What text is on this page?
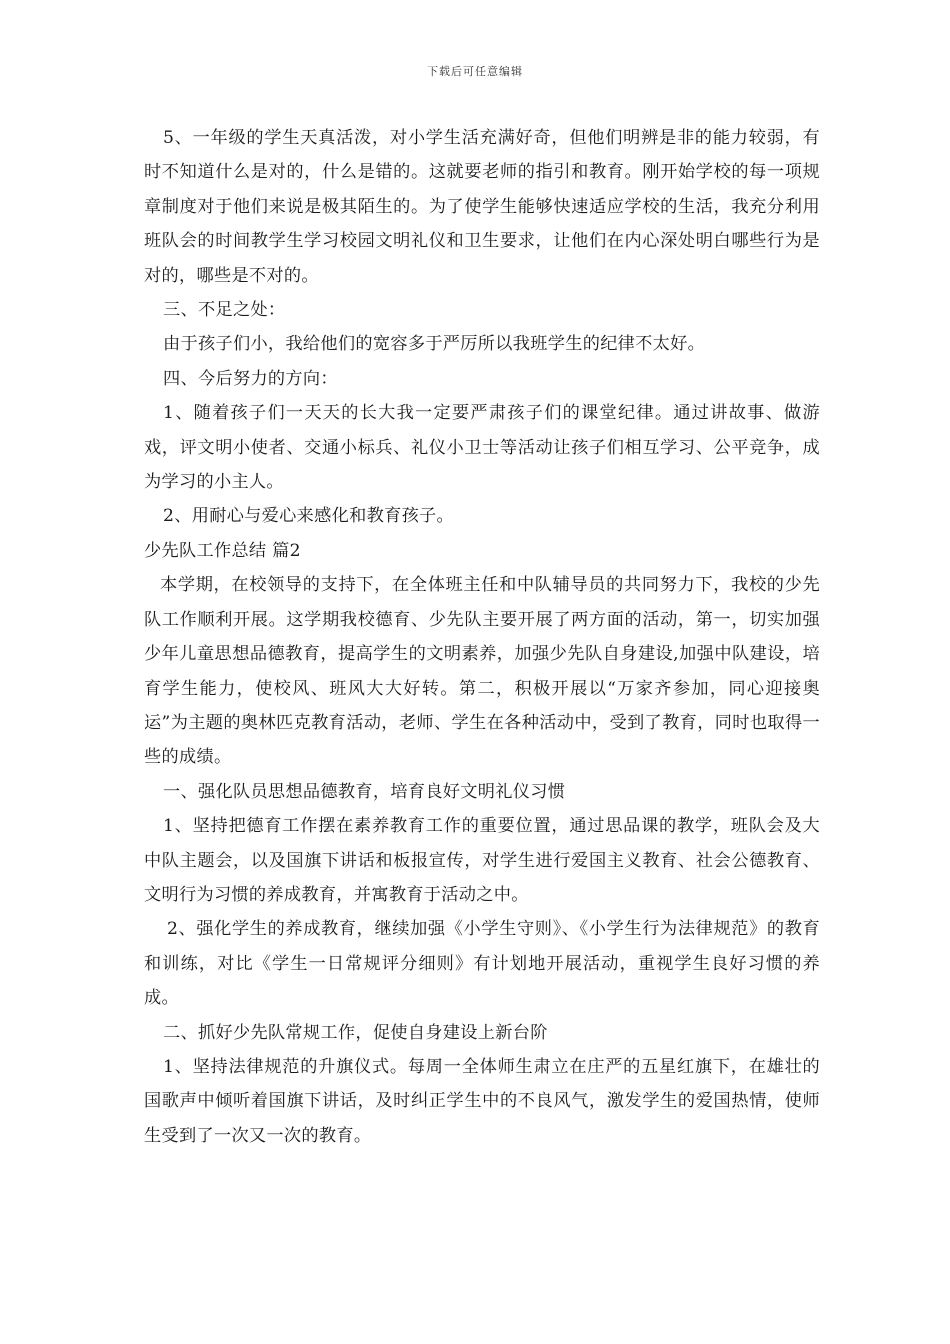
下载后可任意编辑

5、一年级的学生天真活泼，对小学生活充满好奇，但他们明辨是非的能力较弱，有时不知道什么是对的，什么是错的。这就要老师的指引和教育。刚开始学校的每一项规章制度对于他们来说是极其陌生的。为了使学生能够快速适应学校的生活，我充分利用班队会的时间教学生学习校园文明礼仪和卫生要求，让他们在内心深处明白哪些行为是对的，哪些是不对的。

三、不足之处：

由于孩子们小，我给他们的宽容多于严厉所以我班学生的纪律不太好。

四、今后努力的方向：

1、随着孩子们一天天的长大我一定要严肃孩子们的课堂纪律。通过讲故事、做游戏，评文明小使者、交通小标兵、礼仪小卫士等活动让孩子们相互学习、公平竞争，成为学习的小主人。

2、用耐心与爱心来感化和教育孩子。

少先队工作总结 篇2

本学期，在校领导的支持下，在全体班主任和中队辅导员的共同努力下，我校的少先队工作顺利开展。这学期我校德育、少先队主要开展了两方面的活动，第一，切实加强少年儿童思想品德教育，提高学生的文明素养，加强少先队自身建设,加强中队建设，培育学生能力，使校风、班风大大好转。第二，积极开展以“万家齐参加，同心迎接奥运”为主题的奥林匹克教育活动，老师、学生在各种活动中，受到了教育，同时也取得一些的成绩。

一、强化队员思想品德教育，培育良好文明礼仪习惯

1、坚持把德育工作摆在素养教育工作的重要位置，通过思品课的教学，班队会及大中队主题会，以及国旗下讲话和板报宣传，对学生进行爱国主义教育、社会公德教育、文明行为习惯的养成教育，并寓教育于活动之中。

2、强化学生的养成教育，继续加强《小学生守则》、《小学生行为法律规范》的教育和训练，对比《学生一日常规评分细则》有计划地开展活动，重视学生良好习惯的养成。

二、抓好少先队常规工作，促使自身建设上新台阶

1、坚持法律规范的升旗仪式。每周一全体师生肃立在庄严的五星红旗下，在雄壮的国歌声中倾听着国旗下讲话，及时纠正学生中的不良风气，激发学生的爱国热情，使师生受到了一次又一次的教育。
